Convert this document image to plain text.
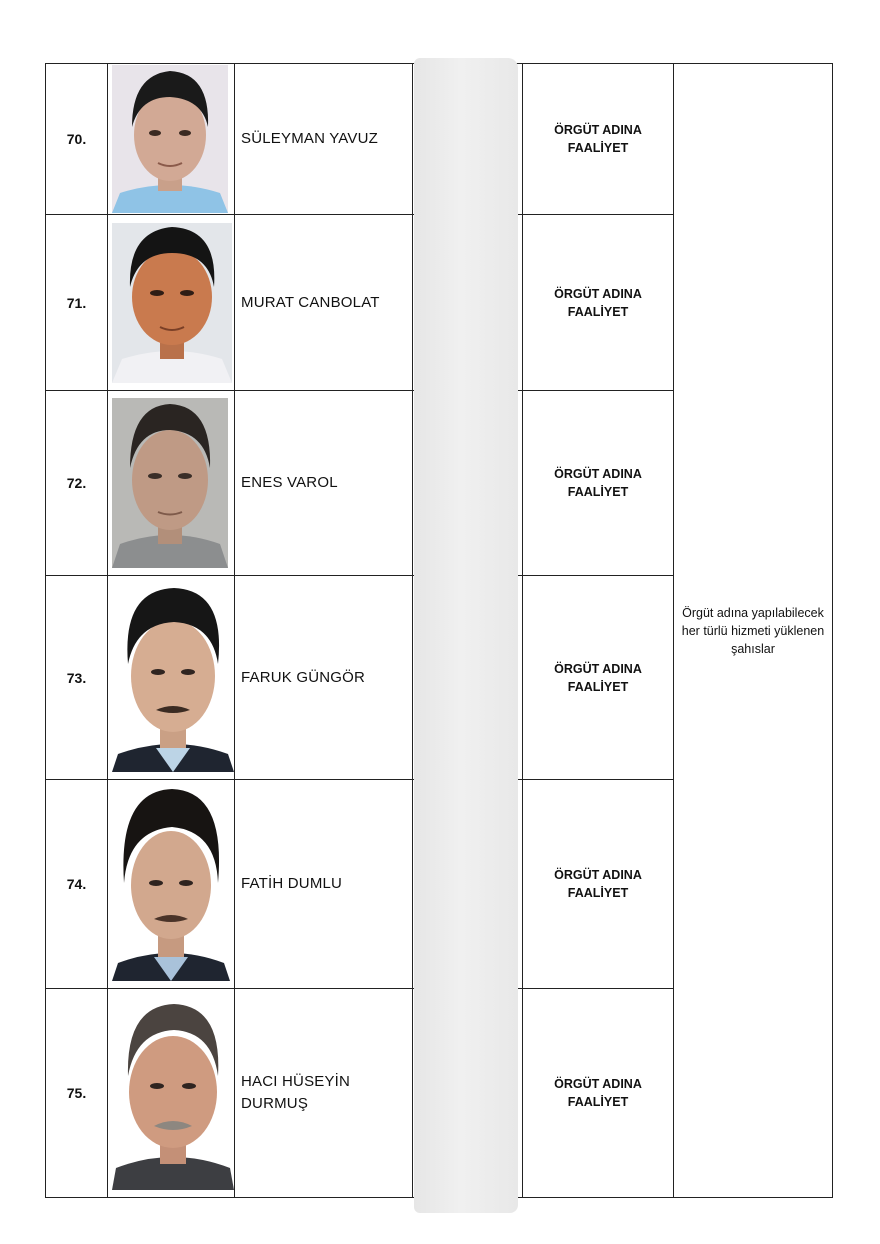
70.		SÜLEYMAN YAVUZ		ÖRGÜT ADINA FAALİYET	Örgüt adına yapılabilecek her türlü hizmeti yüklenen şahıslar
71.		MURAT CANBOLAT		ÖRGÜT ADINA FAALİYET	
72.		ENES VAROL		ÖRGÜT ADINA FAALİYET	
73.		FARUK GÜNGÖR		ÖRGÜT ADINA FAALİYET	
74.		FATİH DUMLU		ÖRGÜT ADINA FAALİYET	
75.		HACI HÜSEYİN DURMUŞ		ÖRGÜT ADINA FAALİYET	
